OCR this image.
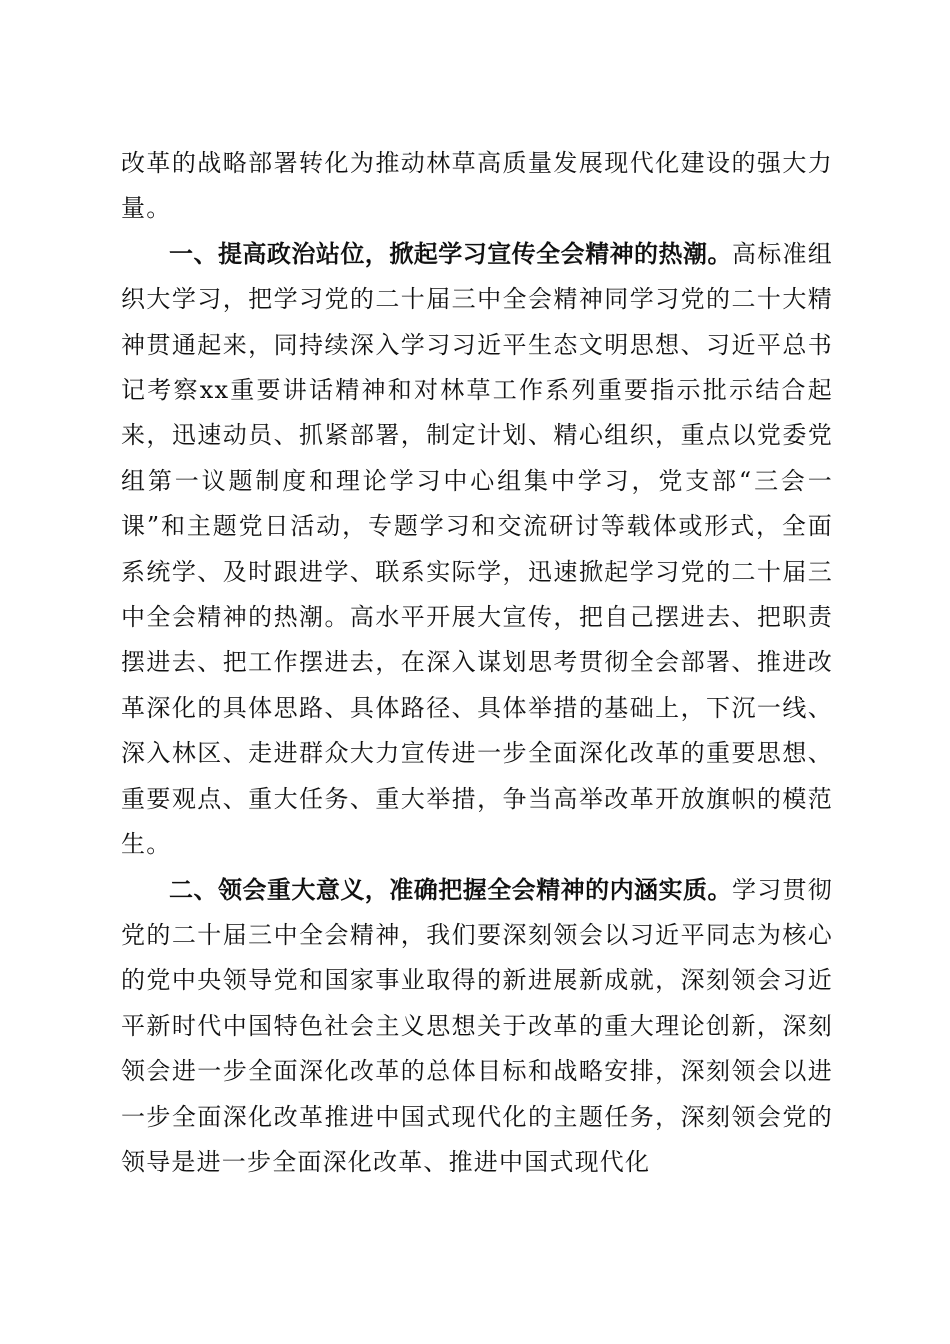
改革的战略部署转化为推动林草高质量发展现代化建设的强大力量。

一、提高政治站位，掀起学习宣传全会精神的热潮。高标准组织大学习，把学习党的二十届三中全会精神同学习党的二十大精神贯通起来，同持续深入学习习近平生态文明思想、习近平总书记考察xx重要讲话精神和对林草工作系列重要指示批示结合起来，迅速动员、抓紧部署，制定计划、精心组织，重点以党委党组第一议题制度和理论学习中心组集中学习，党支部“三会一课”和主题党日活动，专题学习和交流研讨等载体或形式，全面系统学、及时跟进学、联系实际学，迅速掀起学习党的二十届三中全会精神的热潮。高水平开展大宣传，把自己摆进去、把职责摆进去、把工作摆进去，在深入谋划思考贯彻全会部署、推进改革深化的具体思路、具体路径、具体举措的基础上，下沉一线、深入林区、走进群众大力宣传进一步全面深化改革的重要思想、重要观点、重大任务、重大举措，争当高举改革开放旗帜的模范生。

二、领会重大意义，准确把握全会精神的内涵实质。学习贯彻党的二十届三中全会精神，我们要深刻领会以习近平同志为核心的党中央领导党和国家事业取得的新进展新成就，深刻领会习近平新时代中国特色社会主义思想关于改革的重大理论创新，深刻领会进一步全面深化改革的总体目标和战略安排，深刻领会以进一步全面深化改革推进中国式现代化的主题任务，深刻领会党的领导是进一步全面深化改革、推进中国式现代化
